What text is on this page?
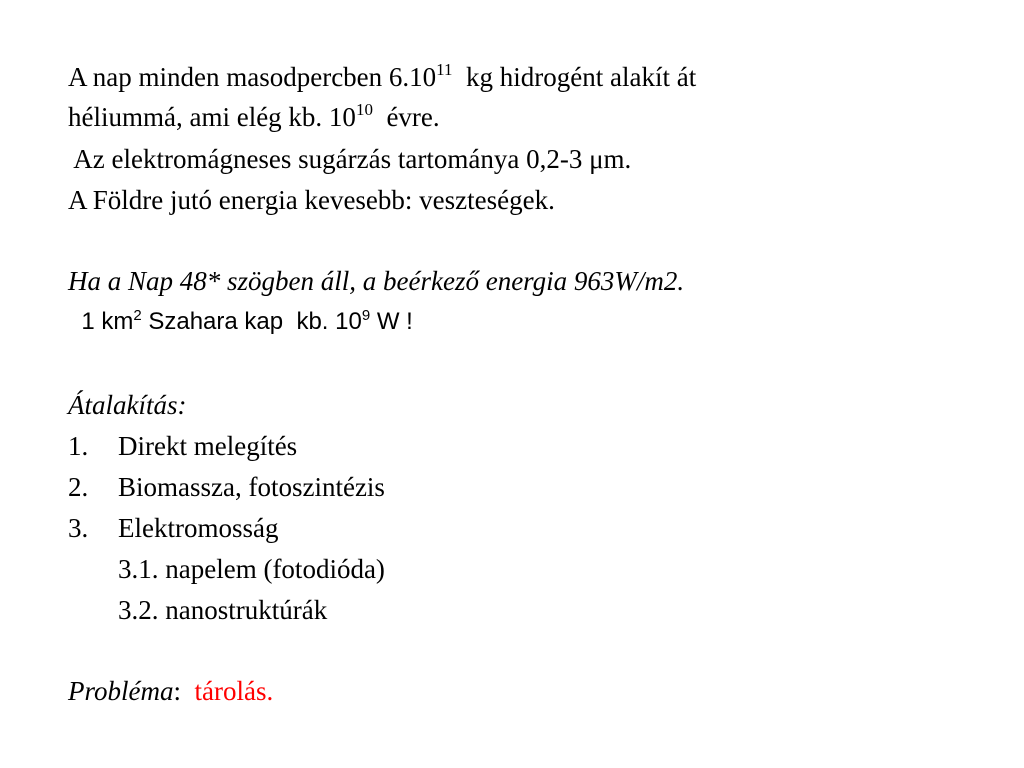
A nap minden masodpercben 6.10$^{11}$  kg hidrogént alakít át
héliummá, ami elég kb. $10^{10}$  évre.
Az elektromágneses sugárzás tartománya 0,2-3 μm.
A Földre jutó energia kevesebb: veszteségek.
Ha a Nap 48* szögben áll, a beérkező energia 963W/m2.
1 $km^2$ Szahara kap  kb. $10^9$ W !
Átalakítás:
1. Direkt melegítés
2. Biomassza, fotoszintézis
3. Elektromosság
3.1. napelem (fotodióda)
3.2. nanostruktúrák
Probléma: tárolás.
